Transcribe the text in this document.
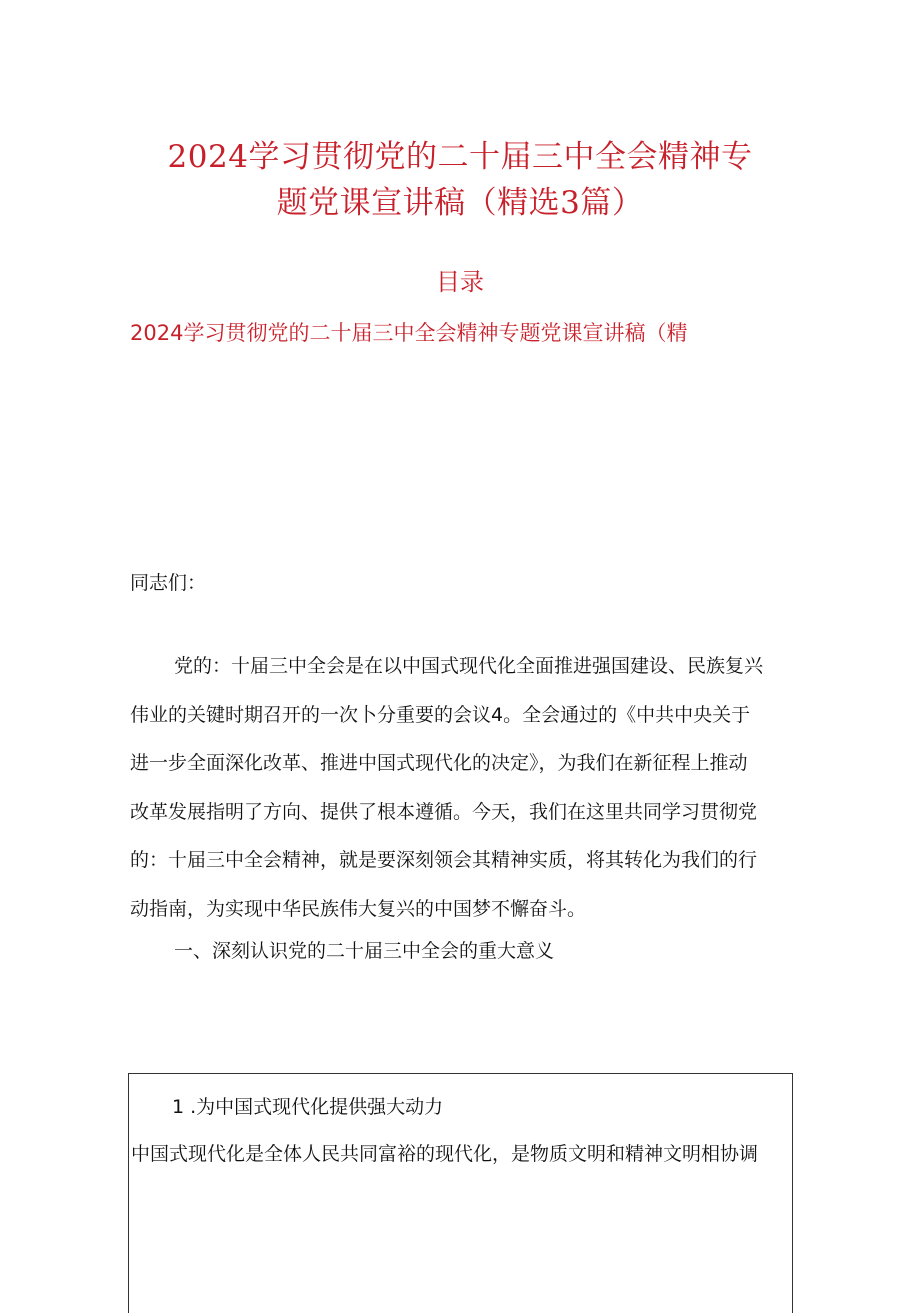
2024学习贯彻党的二十届三中全会精神专
题党课宣讲稿（精选3篇）
目录
2024学习贯彻党的二十届三中全会精神专题党课宣讲稿（精
同志们：

党的：十届三中全会是在以中国式现代化全面推进强国建设、民族复兴
伟业的关键时期召开的一次卜分重要的会议4。全会通过的《中共中央关于
进一步全面深化改革、推进中国式现代化的决定》，为我们在新征程上推动
改革发展指明了方向、提供了根本遵循。今天，我们在这里共同学习贯彻党
的：十届三中全会精神，就是要深刻领会其精神实质，将其转化为我们的行
动指南，为实现中华民族伟大复兴的中国梦不懈奋斗。

一、深刻认识党的二十届三中全会的重大意义
1 .为中国式现代化提供强大动力
中国式现代化是全体人民共同富裕的现代化，是物质文明和精神文明相协调
